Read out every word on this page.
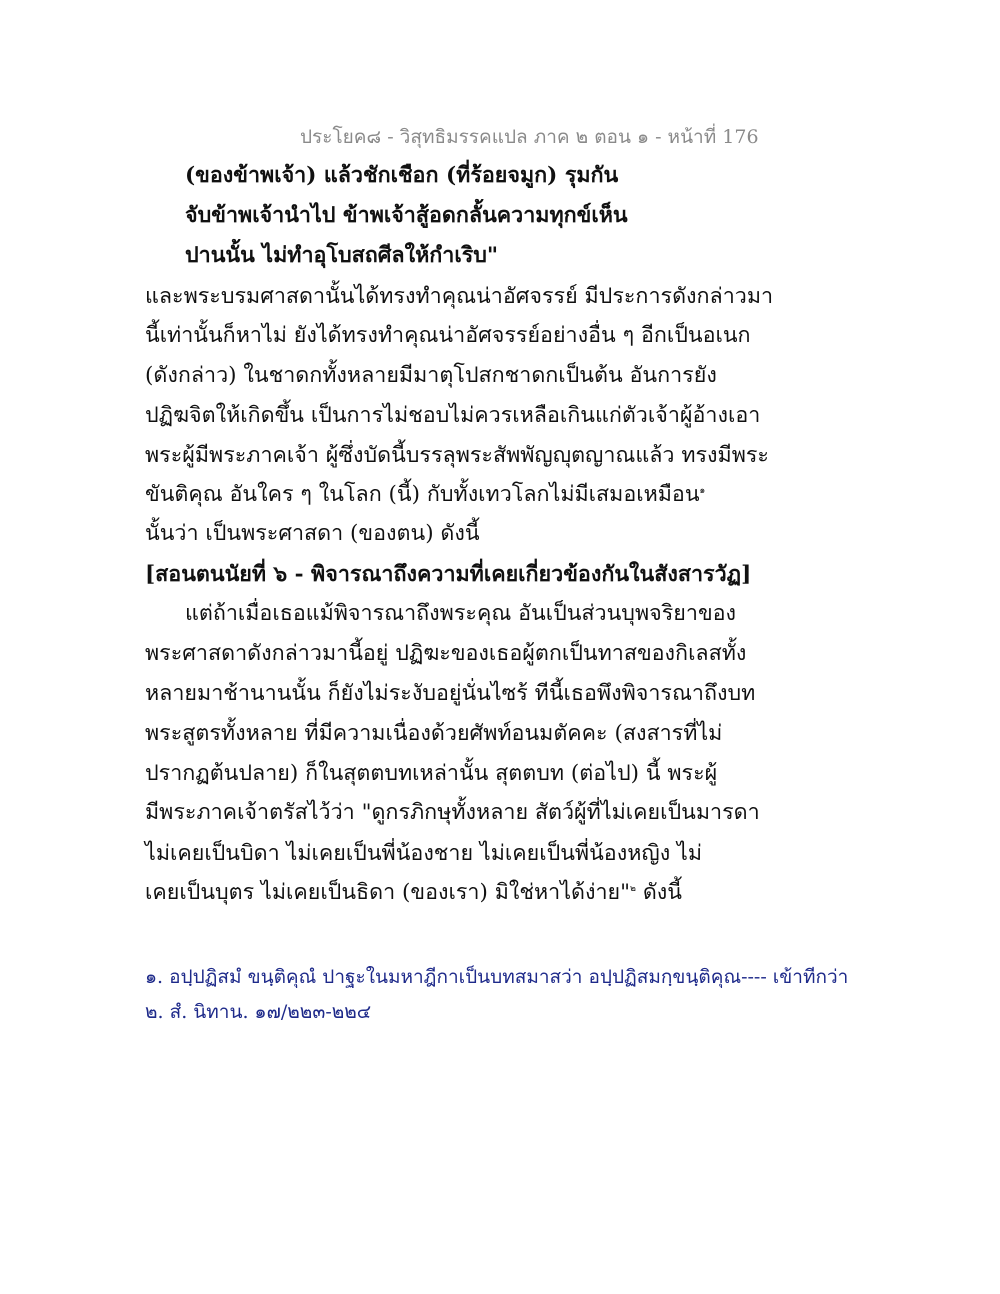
ประโยค๘ - วิสุทธิมรรคแปล ภาค ๒ ตอน ๑ - หน้าที่ 176
(ของข้าพเจ้า) แล้วชักเชือก (ที่ร้อยจมูก) รุมกัน
จับข้าพเจ้านำไป ข้าพเจ้าสู้อดกลั้นความทุกข์เห็น
ปานนั้น ไม่ทำอุโบสถศีลให้กำเริบ"
และพระบรมศาสดานั้นได้ทรงทำคุณน่าอัศจรรย์ มีประการดังกล่าวมา
นี้เท่านั้นก็หาไม่ ยังได้ทรงทำคุณน่าอัศจรรย์อย่างอื่น ๆ อีกเป็นอเนก
(ดังกล่าว) ในชาดกทั้งหลายมีมาตุโปสกชาดกเป็นต้น อันการยัง
ปฏิฆจิตให้เกิดขึ้น เป็นการไม่ชอบไม่ควรเหลือเกินแก่ตัวเจ้าผู้อ้างเอา
พระผู้มีพระภาคเจ้า ผู้ซึ่งบัดนี้บรรลุพระสัพพัญญุตญาณแล้ว ทรงมีพระ
ขันติคุณ อันใคร ๆ ในโลก (นี้) กับทั้งเทวโลกไม่มีเสมอเหมือน$^๑$
นั้นว่า เป็นพระศาสดา (ของตน) ดังนี้
[สอนตนนัยที่ ๖ - พิจารณาถึงความที่เคยเกี่ยวข้องกันในสังสารวัฏ]
แต่ถ้าเมื่อเธอแม้พิจารณาถึงพระคุณ อันเป็นส่วนบุพจริยาของ
พระศาสดาดังกล่าวมานี้อยู่ ปฏิฆะของเธอผู้ตกเป็นทาสของกิเลสทั้ง
หลายมาช้านานนั้น ก็ยังไม่ระงับอยู่นั่นไซร้ ทีนี้เธอพึงพิจารณาถึงบท
พระสูตรทั้งหลาย ที่มีความเนื่องด้วยศัพท์อนมตัคคะ (สงสารที่ไม่
ปรากฏต้นปลาย) ก็ในสุตตบทเหล่านั้น สุตตบท (ต่อไป) นี้ พระผู้
มีพระภาคเจ้าตรัสไว้ว่า "ดูกรภิกษุทั้งหลาย สัตว์ผู้ที่ไม่เคยเป็นมารดา
ไม่เคยเป็นบิดา ไม่เคยเป็นพี่น้องชาย ไม่เคยเป็นพี่น้องหญิง ไม่
เคยเป็นบุตร ไม่เคยเป็นธิดา (ของเรา) มิใช่หาได้ง่าย"$^๒$ ดังนี้
๑. อปฺปฏิสมํ ขนฺติคุณํ ปาฐะในมหาฎีกาเป็นบทสมาสว่า อปฺปฏิสมกฺขนฺติคุณ---- เข้าทีกว่า
๒. สํ. นิทาน. ๑๗/๒๒๓-๒๒๔
